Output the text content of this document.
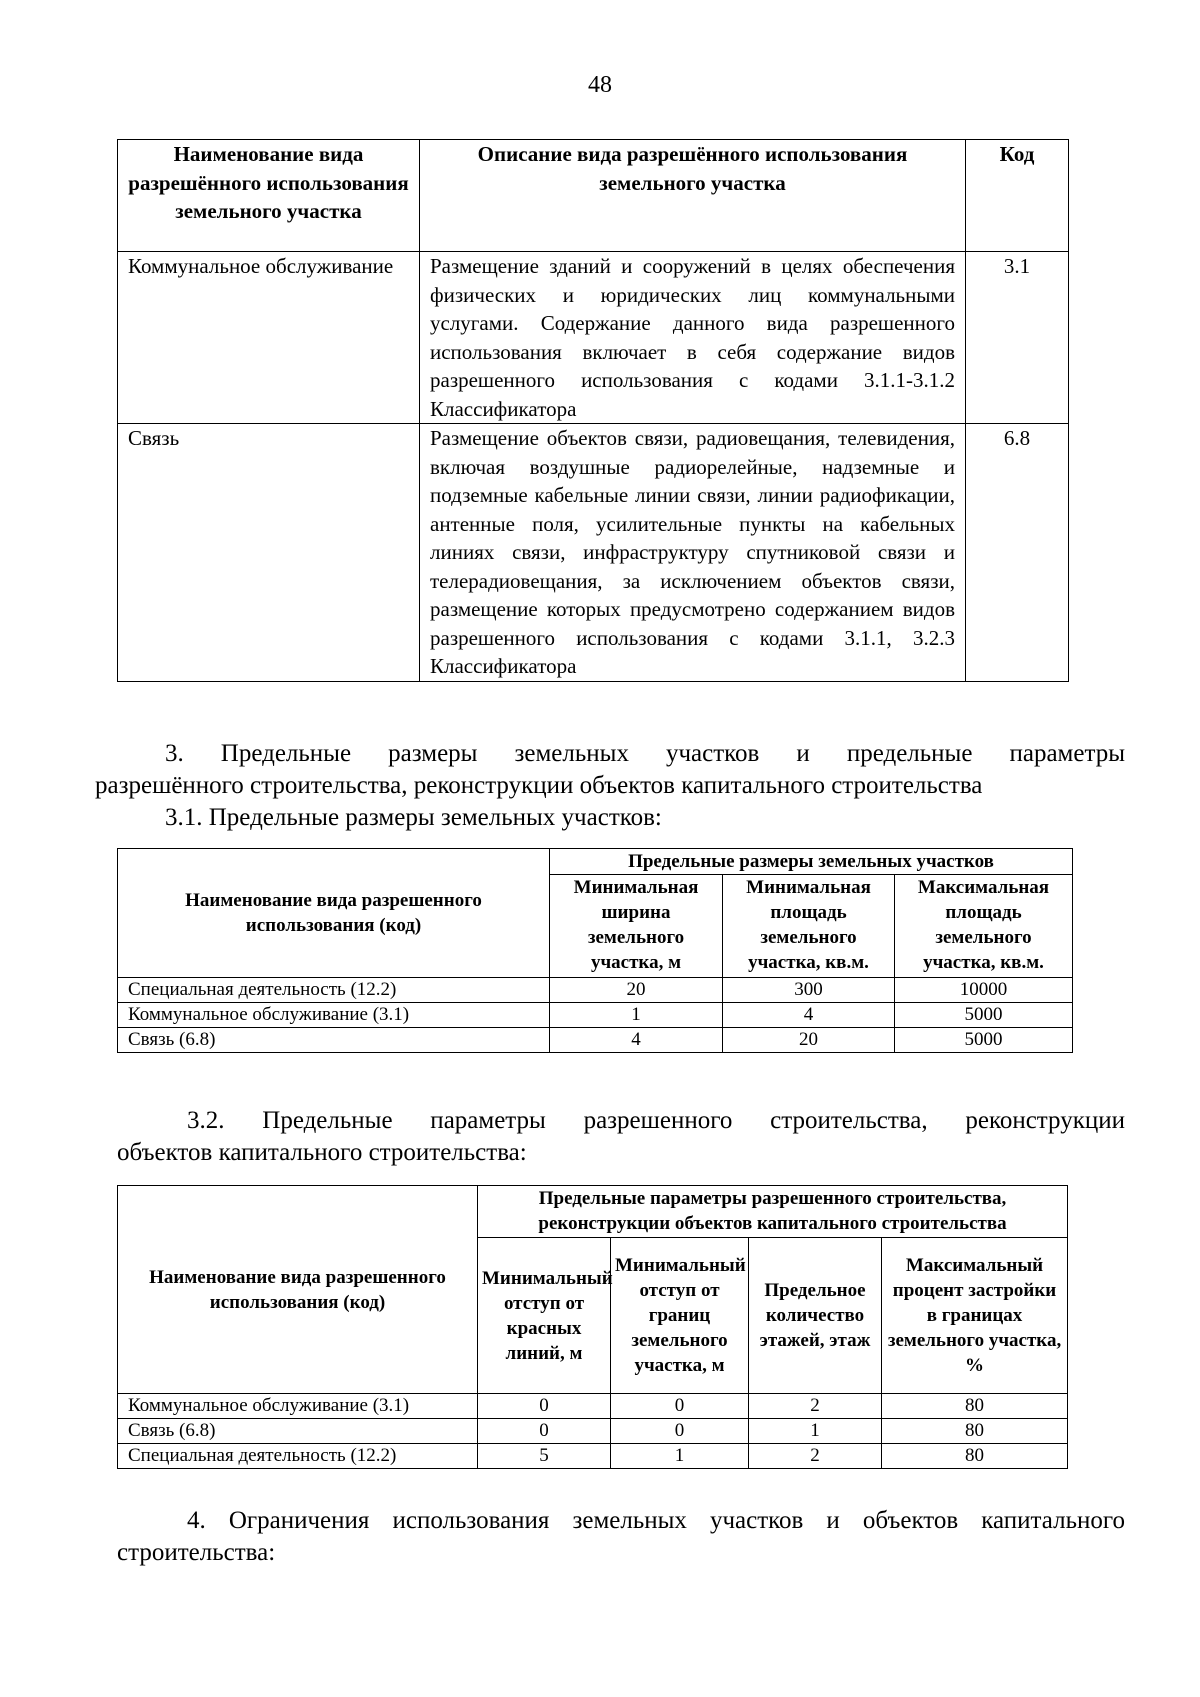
48
Наименование вида разрешённого использования земельного участка	Описание вида разрешённого использования земельного участка	Код
Коммунальное обслуживание	Размещение зданий и сооружений в целях обеспечения физических и юридических лиц коммунальными услугами. Содержание данного вида разрешенного использования включает в себя содержание видов разрешенного использования с кодами 3.1.1-3.1.2 Классификатора	3.1
Связь	Размещение объектов связи, радиовещания, телевидения, включая воздушные радиорелейные, надземные и подземные кабельные линии связи, линии радиофикации, антенные поля, усилительные пункты на кабельных линиях связи, инфраструктуру спутниковой связи и телерадиовещания, за исключением объектов связи, размещение которых предусмотрено содержанием видов разрешенного использования с кодами 3.1.1, 3.2.3 Классификатора	6.8
3. Предельные размеры земельных участков и предельные параметры
разрешённого строительства, реконструкции объектов капитального строительства
3.1. Предельные размеры земельных участков:
Наименование вида разрешенного использования (код)	Предельные размеры земельных участков		
	Минимальная ширина земельного участка, м	Минимальная площадь земельного участка, кв.м.	Максимальная площадь земельного участка, кв.м.
Специальная деятельность (12.2)	20	300	10000
Коммунальное обслуживание (3.1)	1	4	5000
Связь (6.8)	4	20	5000
3.2. Предельные параметры разрешенного строительства, реконструкции
объектов капитального строительства:
Наименование вида разрешенного использования (код)	Предельные параметры разрешенного строительства, реконструкции объектов капитального строительства			
	Минимальный отступ от красных линий, м	Минимальный отступ от границ земельного участка, м	Предельное количество этажей, этаж	Максимальный процент застройки в границах земельного участка, %
Коммунальное обслуживание (3.1)	0	0	2	80
Связь (6.8)	0	0	1	80
Специальная деятельность (12.2)	5	1	2	80
4. Ограничения использования земельных участков и объектов капитального
строительства:
